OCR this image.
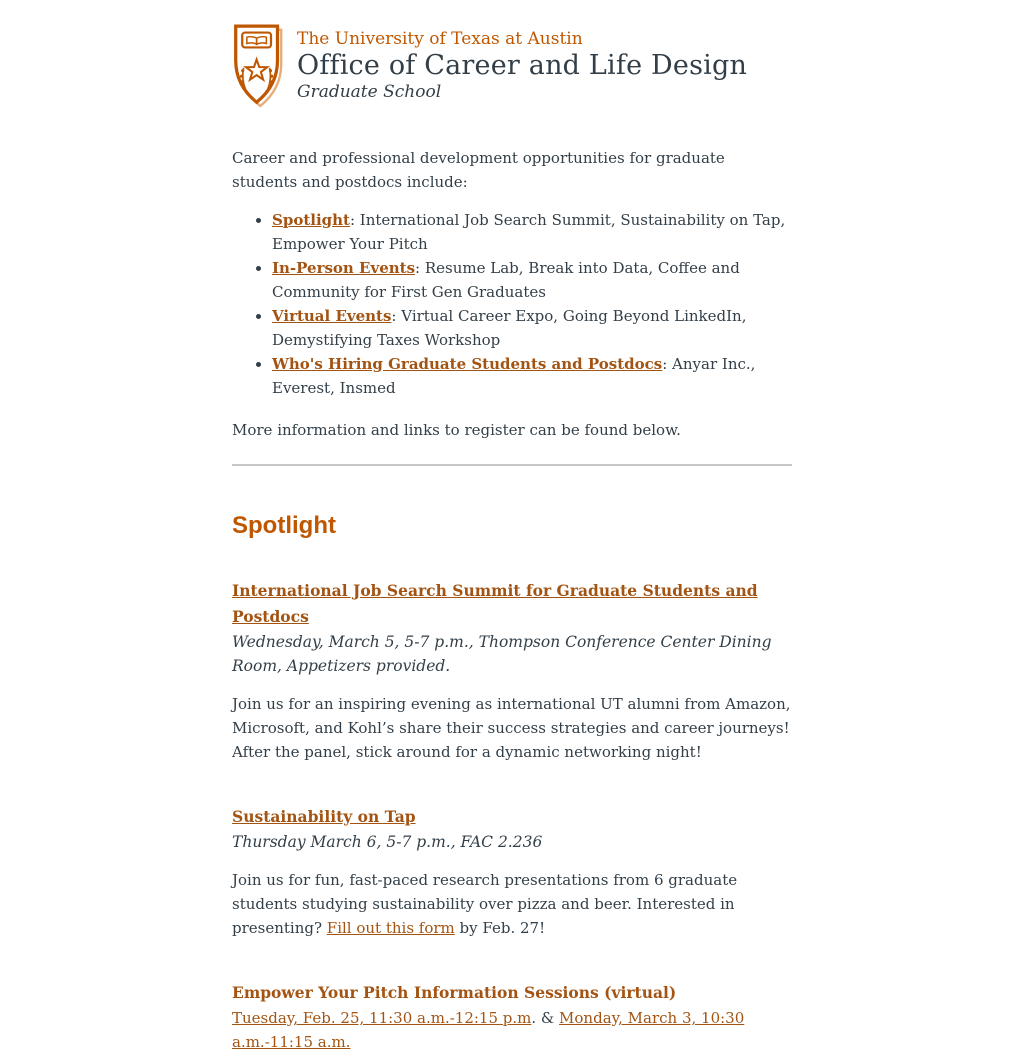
The University of Texas at Austin
Office of Career and Life Design
Graduate School

Career and professional development opportunities for graduate students and postdocs include:

• Spotlight: International Job Search Summit, Sustainability on Tap, Empower Your Pitch
• In-Person Events: Resume Lab, Break into Data, Coffee and Community for First Gen Graduates
• Virtual Events: Virtual Career Expo, Going Beyond LinkedIn, Demystifying Taxes Workshop
• Who's Hiring Graduate Students and Postdocs: Anyar Inc., Everest, Insmed

More information and links to register can be found below.

Spotlight
International Job Search Summit for Graduate Students and Postdocs
Wednesday, March 5, 5-7 p.m., Thompson Conference Center Dining Room, Appetizers provided.

Join us for an inspiring evening as international UT alumni from Amazon, Microsoft, and Kohl’s share their success strategies and career journeys! After the panel, stick around for a dynamic networking night!

Sustainability on Tap
Thursday March 6, 5-7 p.m., FAC 2.236

Join us for fun, fast-paced research presentations from 6 graduate students studying sustainability over pizza and beer. Interested in presenting? Fill out this form by Feb. 27!

Empower Your Pitch Information Sessions (virtual)
Tuesday, Feb. 25, 11:30 a.m.-12:15 p.m. & Monday, March 3, 10:30 a.m.-11:15 a.m.
